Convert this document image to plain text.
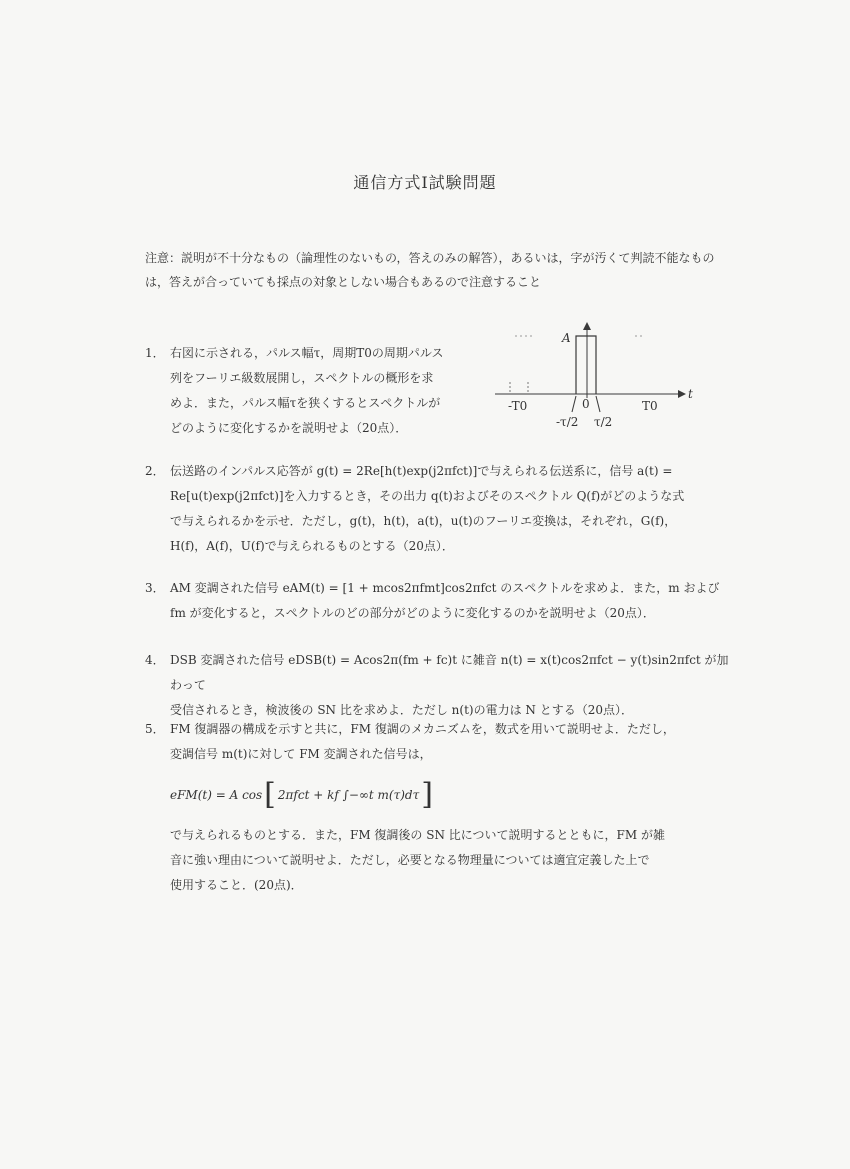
通信方式Ⅰ試験問題
注意：説明が不十分なもの（論理性のないもの，答えのみの解答），あるいは，字が汚くて判読不能なものは，答えが合っていても採点の対象としない場合もあるので注意すること
1． 右図に示される，パルス幅τ，周期T0の周期パルス

列をフーリエ級数展開し，スペクトルの概形を求

めよ．また，パルス幅τを狭くするとスペクトルが

どのように変化するかを説明せよ（20点）．

A
t
-T0
-τ/2
0
τ/2
T0
2． 伝送路のインパルス応答が g(t) = 2Re[h(t)exp(j2πfct)]で与えられる伝送系に，信号 a(t) =

Re[u(t)exp(j2πfct)]を入力するとき，その出力 q(t)およびそのスペクトル Q(f)がどのような式

で与えられるかを示せ．ただし，g(t)，h(t)，a(t)，u(t)のフーリエ変換は，それぞれ，G(f)，

H(f)，A(f)，U(f)で与えられるものとする（20点）．

3． AM 変調された信号 eAM(t) = [1 + mcos2πfmt]cos2πfct のスペクトルを求めよ．また，m および

fm が変化すると，スペクトルのどの部分がどのように変化するのかを説明せよ（20点）．

4． DSB 変調された信号 eDSB(t) = Acos2π(fm + fc)t に雑音 n(t) = x(t)cos2πfct − y(t)sin2πfct が加わって

受信されるとき，検波後の SN 比を求めよ．ただし n(t)の電力は N とする（20点）．

5． FM 復調器の構成を示すと共に，FM 復調のメカニズムを，数式を用いて説明せよ．ただし，

変調信号 m(t)に対して FM 変調された信号は，

eFM(t) = A cos [ 2πfct + kf ∫−∞t m(τ)dτ ]

で与えられるものとする．また，FM 復調後の SN 比について説明するとともに，FM が雑

音に強い理由について説明せよ．ただし，必要となる物理量については適宜定義した上で

使用すること．(20点)．
